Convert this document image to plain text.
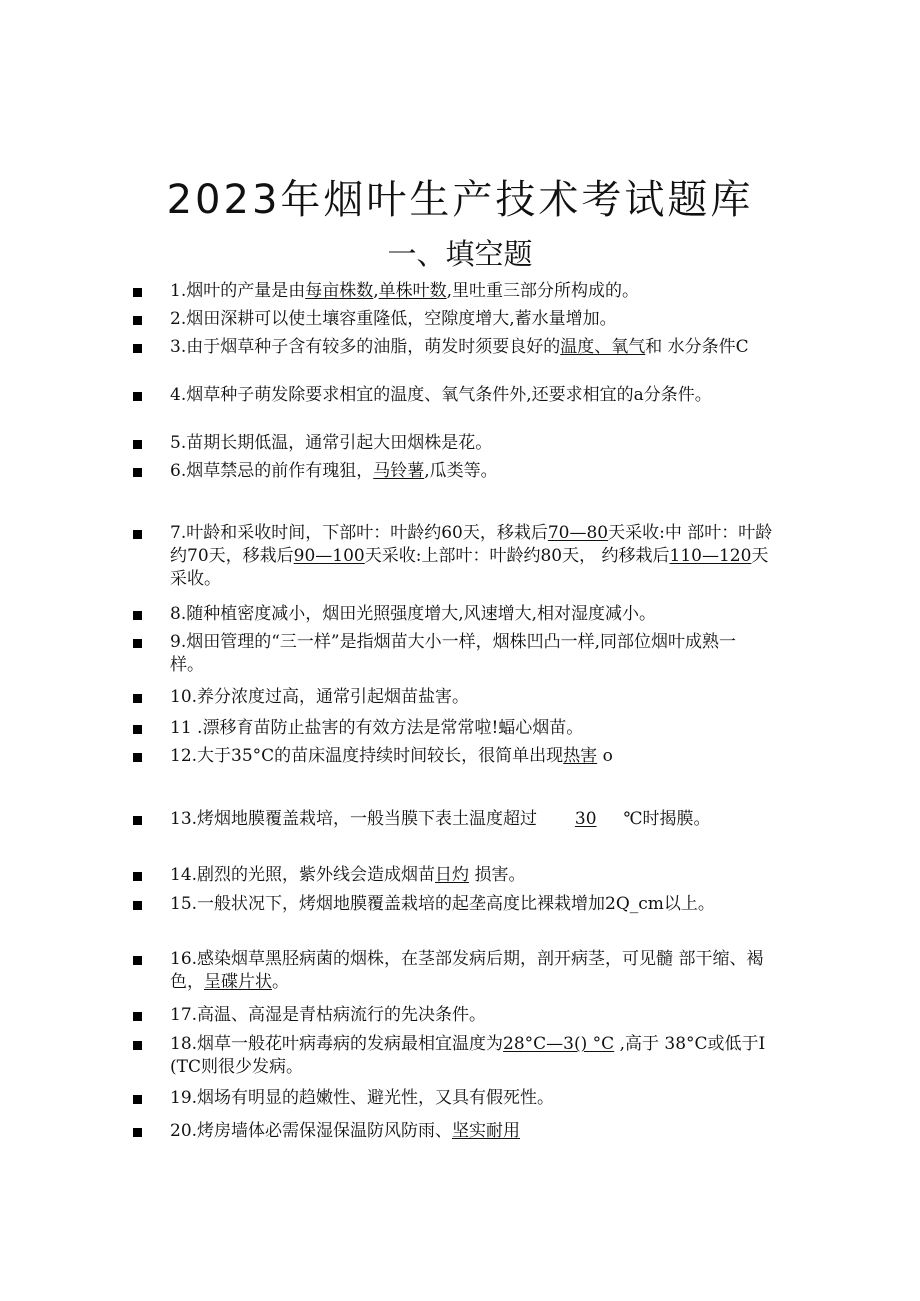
2023年烟叶生产技术考试题库
一、填空题
1.烟叶的产量是由每亩株数,单株叶数,里吐重三部分所构成的。
2.烟田深耕可以使土壤容重隆低，空隙度增大,蓄水量增加。
3.由于烟草种子含有较多的油脂，萌发时须要良好的温度、氧气和 水分条件C
4.烟草种子萌发除要求相宜的温度、氧气条件外,还要求相宜的a分条件。
5.苗期长期低温，通常引起大田烟株是花。
6.烟草禁忌的前作有瑰狙，马铃薯,瓜类等。
7.叶龄和采收时间，下部叶：叶龄约60天，移栽后70—80天采收:中 部叶：叶龄约70天，移栽后90—100天采收:上部叶：叶龄约80天， 约移栽后110—120天采收。
8.随种植密度减小，烟田光照强度增大,风速增大,相对湿度减小。
9.烟田管理的“三一样”是指烟苗大小一样，烟株凹凸一样,同部位烟叶成熟一样。
10.养分浓度过高，通常引起烟苗盐害。
11 .漂移育苗防止盐害的有效方法是常常啦!蝠心烟苗。
12.大于35°C的苗床温度持续时间较长，很简单出现热害 o
13.烤烟地膜覆盖栽培，一般当膜下表土温度超过       30     ℃时揭膜。
14.剧烈的光照，紫外线会造成烟苗日灼 损害。
15.一般状况下，烤烟地膜覆盖栽培的起垄高度比裸栽增加2Q_cm以上。
16.感染烟草黑胫病菌的烟株，在茎部发病后期，剖开病茎，可见髓 部干缩、褐色，呈碟片状。
17.高温、高湿是青枯病流行的先决条件。
18.烟草一般花叶病毒病的发病最相宜温度为28°C—3() °C ,高于 38°C或低于I(TC则很少发病。
19.烟场有明显的趋嫩性、避光性，又具有假死性。
20.烤房墙体必需保湿保温防风防雨、坚实耐用
